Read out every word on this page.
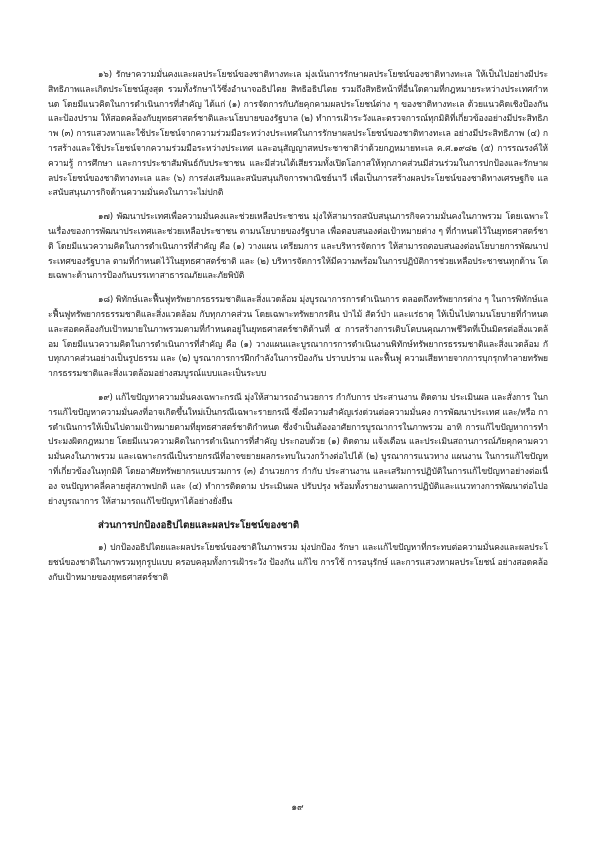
๑๖) รักษาความมั่นคงและผลประโยชน์ของชาติทางทะเล มุ่งเน้นการรักษาผลประโยชน์ของชาติทางทะเล ให้เป็นไปอย่างมีประสิทธิภาพและเกิดประโยชน์สูงสุด รวมทั้งรักษาไว้ซึ่งอำนาจอธิปไตย สิทธิอธิปไตย รวมถึงสิทธิหน้าที่อื่นใดตามที่กฎหมายระหว่างประเทศกำหนด โดยมีแนวคิดในการดำเนินการที่สำคัญ ได้แก่ (๑) การจัดการกับภัยคุกคามผลประโยชน์ต่าง ๆ ของชาติทางทะเล ด้วยแนวคิดเชิงป้องกันและป้องปราม ให้สอดคล้องกับยุทธศาสตร์ชาติและนโยบายของรัฐบาล (๒) ทำการเฝ้าระวังและตรวจการณ์ทุกมิติที่เกี่ยวข้องอย่างมีประสิทธิภาพ (๓) การแสวงหาและใช้ประโยชน์จากความร่วมมือระหว่างประเทศในการรักษาผลประโยชน์ของชาติทางทะเล อย่างมีประสิทธิภาพ (๔) การสร้างและใช้ประโยชน์จากความร่วมมือระหว่างประเทศ และอนุสัญญาสหประชาชาติว่าด้วยกฎหมายทะเล ค.ศ.๑๙๘๒ (๕) การรณรงค์ให้ความรู้ การศึกษา และการประชาสัมพันธ์กับประชาชน และมีส่วนได้เสียรวมทั้งเปิดโอกาสให้ทุกภาคส่วนมีส่วนร่วมในการปกป้องและรักษาผลประโยชน์ของชาติทางทะเล และ (๖) การส่งเสริมและสนับสนุนกิจการพาณิชย์นาวี เพื่อเป็นการสร้างผลประโยชน์ของชาติทางเศรษฐกิจ และสนับสนุนภารกิจด้านความมั่นคงในภาวะไม่ปกติ

๑๗) พัฒนาประเทศเพื่อความมั่นคงและช่วยเหลือประชาชน มุ่งให้สามารถสนับสนุนภารกิจความมั่นคงในภาพรวม โดยเฉพาะในเรื่องของการพัฒนาประเทศและช่วยเหลือประชาชน ตามนโยบายของรัฐบาล เพื่อตอบสนองต่อเป้าหมายต่าง ๆ ที่กำหนดไว้ในยุทธศาสตร์ชาติ โดยมีแนวความคิดในการดำเนินการที่สำคัญ คือ (๑) วางแผน เตรียมการ และบริหารจัดการ ให้สามารถตอบสนองต่อนโยบายการพัฒนาประเทศของรัฐบาล ตามที่กำหนดไว้ในยุทธศาสตร์ชาติ และ (๒) บริหารจัดการให้มีความพร้อมในการปฏิบัติการช่วยเหลือประชาชนทุกด้าน โดยเฉพาะด้านการป้องกันบรรเทาสาธารณภัยและภัยพิบัติ

๑๘) พิทักษ์และฟื้นฟูทรัพยากรธรรมชาติและสิ่งแวดล้อม มุ่งบูรณาการการดำเนินการ ตลอดถึงทรัพยากรต่าง ๆ ในการพิทักษ์และฟื้นฟูทรัพยากรธรรมชาติและสิ่งแวดล้อม กับทุกภาคส่วน โดยเฉพาะทรัพยากรดิน ป่าไม้ สัตว์ป่า และแร่ธาตุ ให้เป็นไปตามนโยบายที่กำหนด และสอดคล้องกับเป้าหมายในภาพรวมตามที่กำหนดอยู่ในยุทธศาสตร์ชาติด้านที่ ๕ การสร้างการเติบโตบนคุณภาพชีวิตที่เป็นมิตรต่อสิ่งแวดล้อม โดยมีแนวความคิดในการดำเนินการที่สำคัญ คือ (๑) วางแผนและบูรณาการการดำเนินงานพิทักษ์ทรัพยากรธรรมชาติและสิ่งแวดล้อม กับทุกภาคส่วนอย่างเป็นรูปธรรม และ (๒) บูรณาการการฝึกกำลังในการป้องกัน ปราบปราม และฟื้นฟู ความเสียหายจากการบุกรุกทำลายทรัพยากรธรรมชาติและสิ่งแวดล้อมอย่างสมบูรณ์แบบและเป็นระบบ

๑๙) แก้ไขปัญหาความมั่นคงเฉพาะกรณี มุ่งให้สามารถอำนวยการ กำกับการ ประสานงาน ติดตาม ประเมินผล และสั่งการ ในการแก้ไขปัญหาความมั่นคงที่อาจเกิดขึ้นใหม่เป็นกรณีเฉพาะรายกรณี ซึ่งมีความสำคัญเร่งด่วนต่อความมั่นคง การพัฒนาประเทศ และ/หรือ การดำเนินการให้เป็นไปตามเป้าหมายตามที่ยุทธศาสตร์ชาติกำหนด ซึ่งจำเป็นต้องอาศัยการบูรณาการในภาพรวม อาทิ การแก้ไขปัญหาการทำประมงผิดกฎหมาย โดยมีแนวความคิดในการดำเนินการที่สำคัญ ประกอบด้วย (๑) ติดตาม แจ้งเตือน และประเมินสถานการณ์ภัยคุกคามความมั่นคงในภาพรวม และเฉพาะกรณีเป็นรายกรณีที่อาจขยายผลกระทบในวงกว้างต่อไปได้ (๒) บูรณาการแนวทาง แผนงาน ในการแก้ไขปัญหาที่เกี่ยวข้องในทุกมิติ โดยอาศัยทรัพยากรแบบรวมการ (๓) อำนวยการ กำกับ ประสานงาน และเสริมการปฏิบัติในการแก้ไขปัญหาอย่างต่อเนื่อง จนปัญหาคลี่คลายสู่สภาพปกติ และ (๔) ทำการติดตาม ประเมินผล ปรับปรุง พร้อมทั้งรายงานผลการปฏิบัติและแนวทางการพัฒนาต่อไปอย่างบูรณาการ ให้สามารถแก้ไขปัญหาได้อย่างยั่งยืน

ส่วนการปกป้องอธิปไตยและผลประโยชน์ของชาติ

๑) ปกป้องอธิปไตยและผลประโยชน์ของชาติในภาพรวม มุ่งปกป้อง รักษา และแก้ไขปัญหาที่กระทบต่อความมั่นคงและผลประโยชน์ของชาติในภาพรวมทุกรูปแบบ ครอบคลุมทั้งการเฝ้าระวัง ป้องกัน แก้ไข การใช้ การอนุรักษ์ และการแสวงหาผลประโยชน์ อย่างสอดคล้องกับเป้าหมายของยุทธศาสตร์ชาติ

๑๙
